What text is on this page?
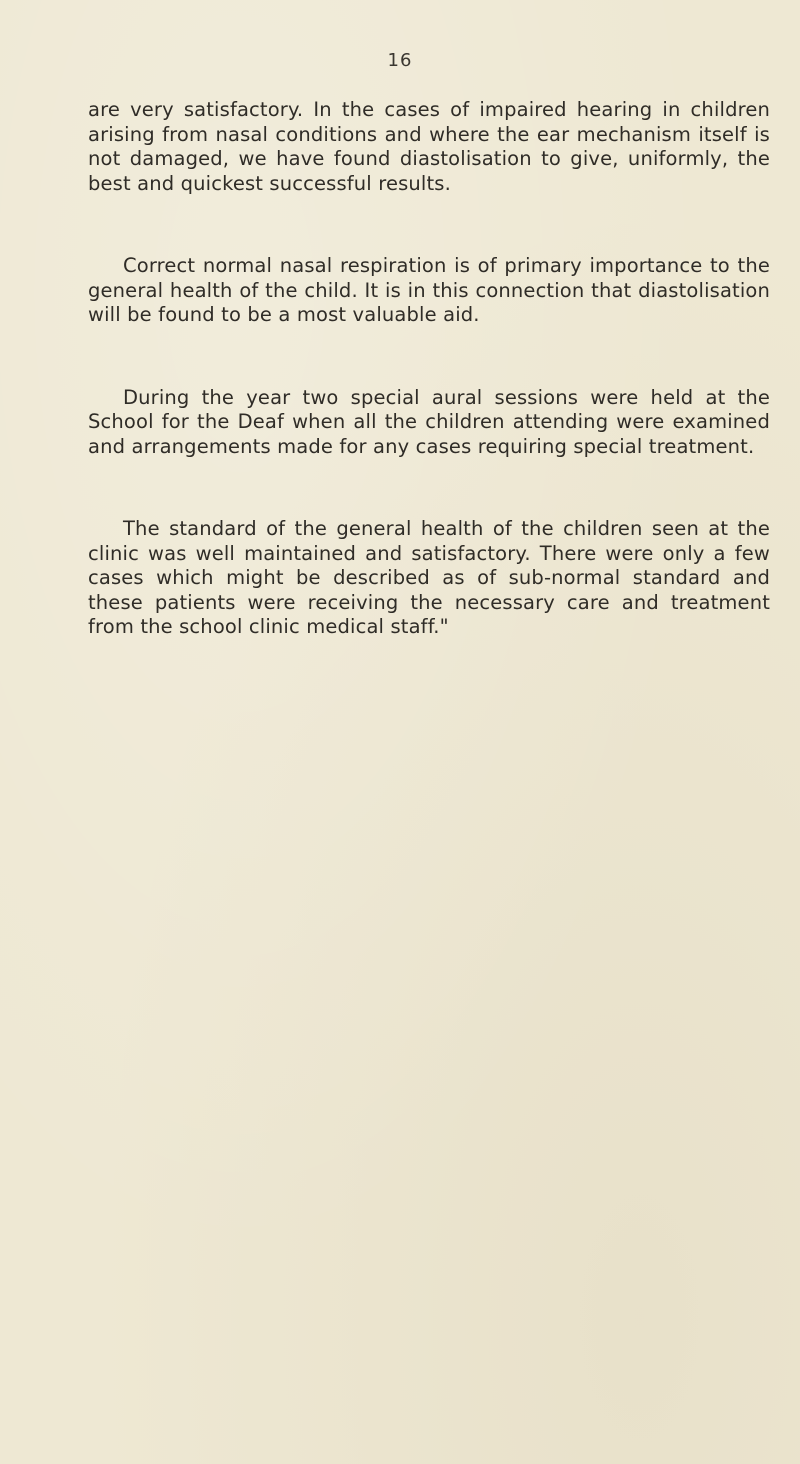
16

are very satisfactory. In the cases of impaired hearing in children arising from nasal conditions and where the ear mechanism itself is not damaged, we have found diastolisation to give, uniformly, the best and quickest successful results.

Correct normal nasal respiration is of primary importance to the general health of the child. It is in this connection that diastolisation will be found to be a most valuable aid.

During the year two special aural sessions were held at the School for the Deaf when all the children attending were examined and arrangements made for any cases requiring special treatment.

The standard of the general health of the children seen at the clinic was well maintained and satisfactory. There were only a few cases which might be described as of sub-normal standard and these patients were receiving the necessary care and treatment from the school clinic medical staff."
